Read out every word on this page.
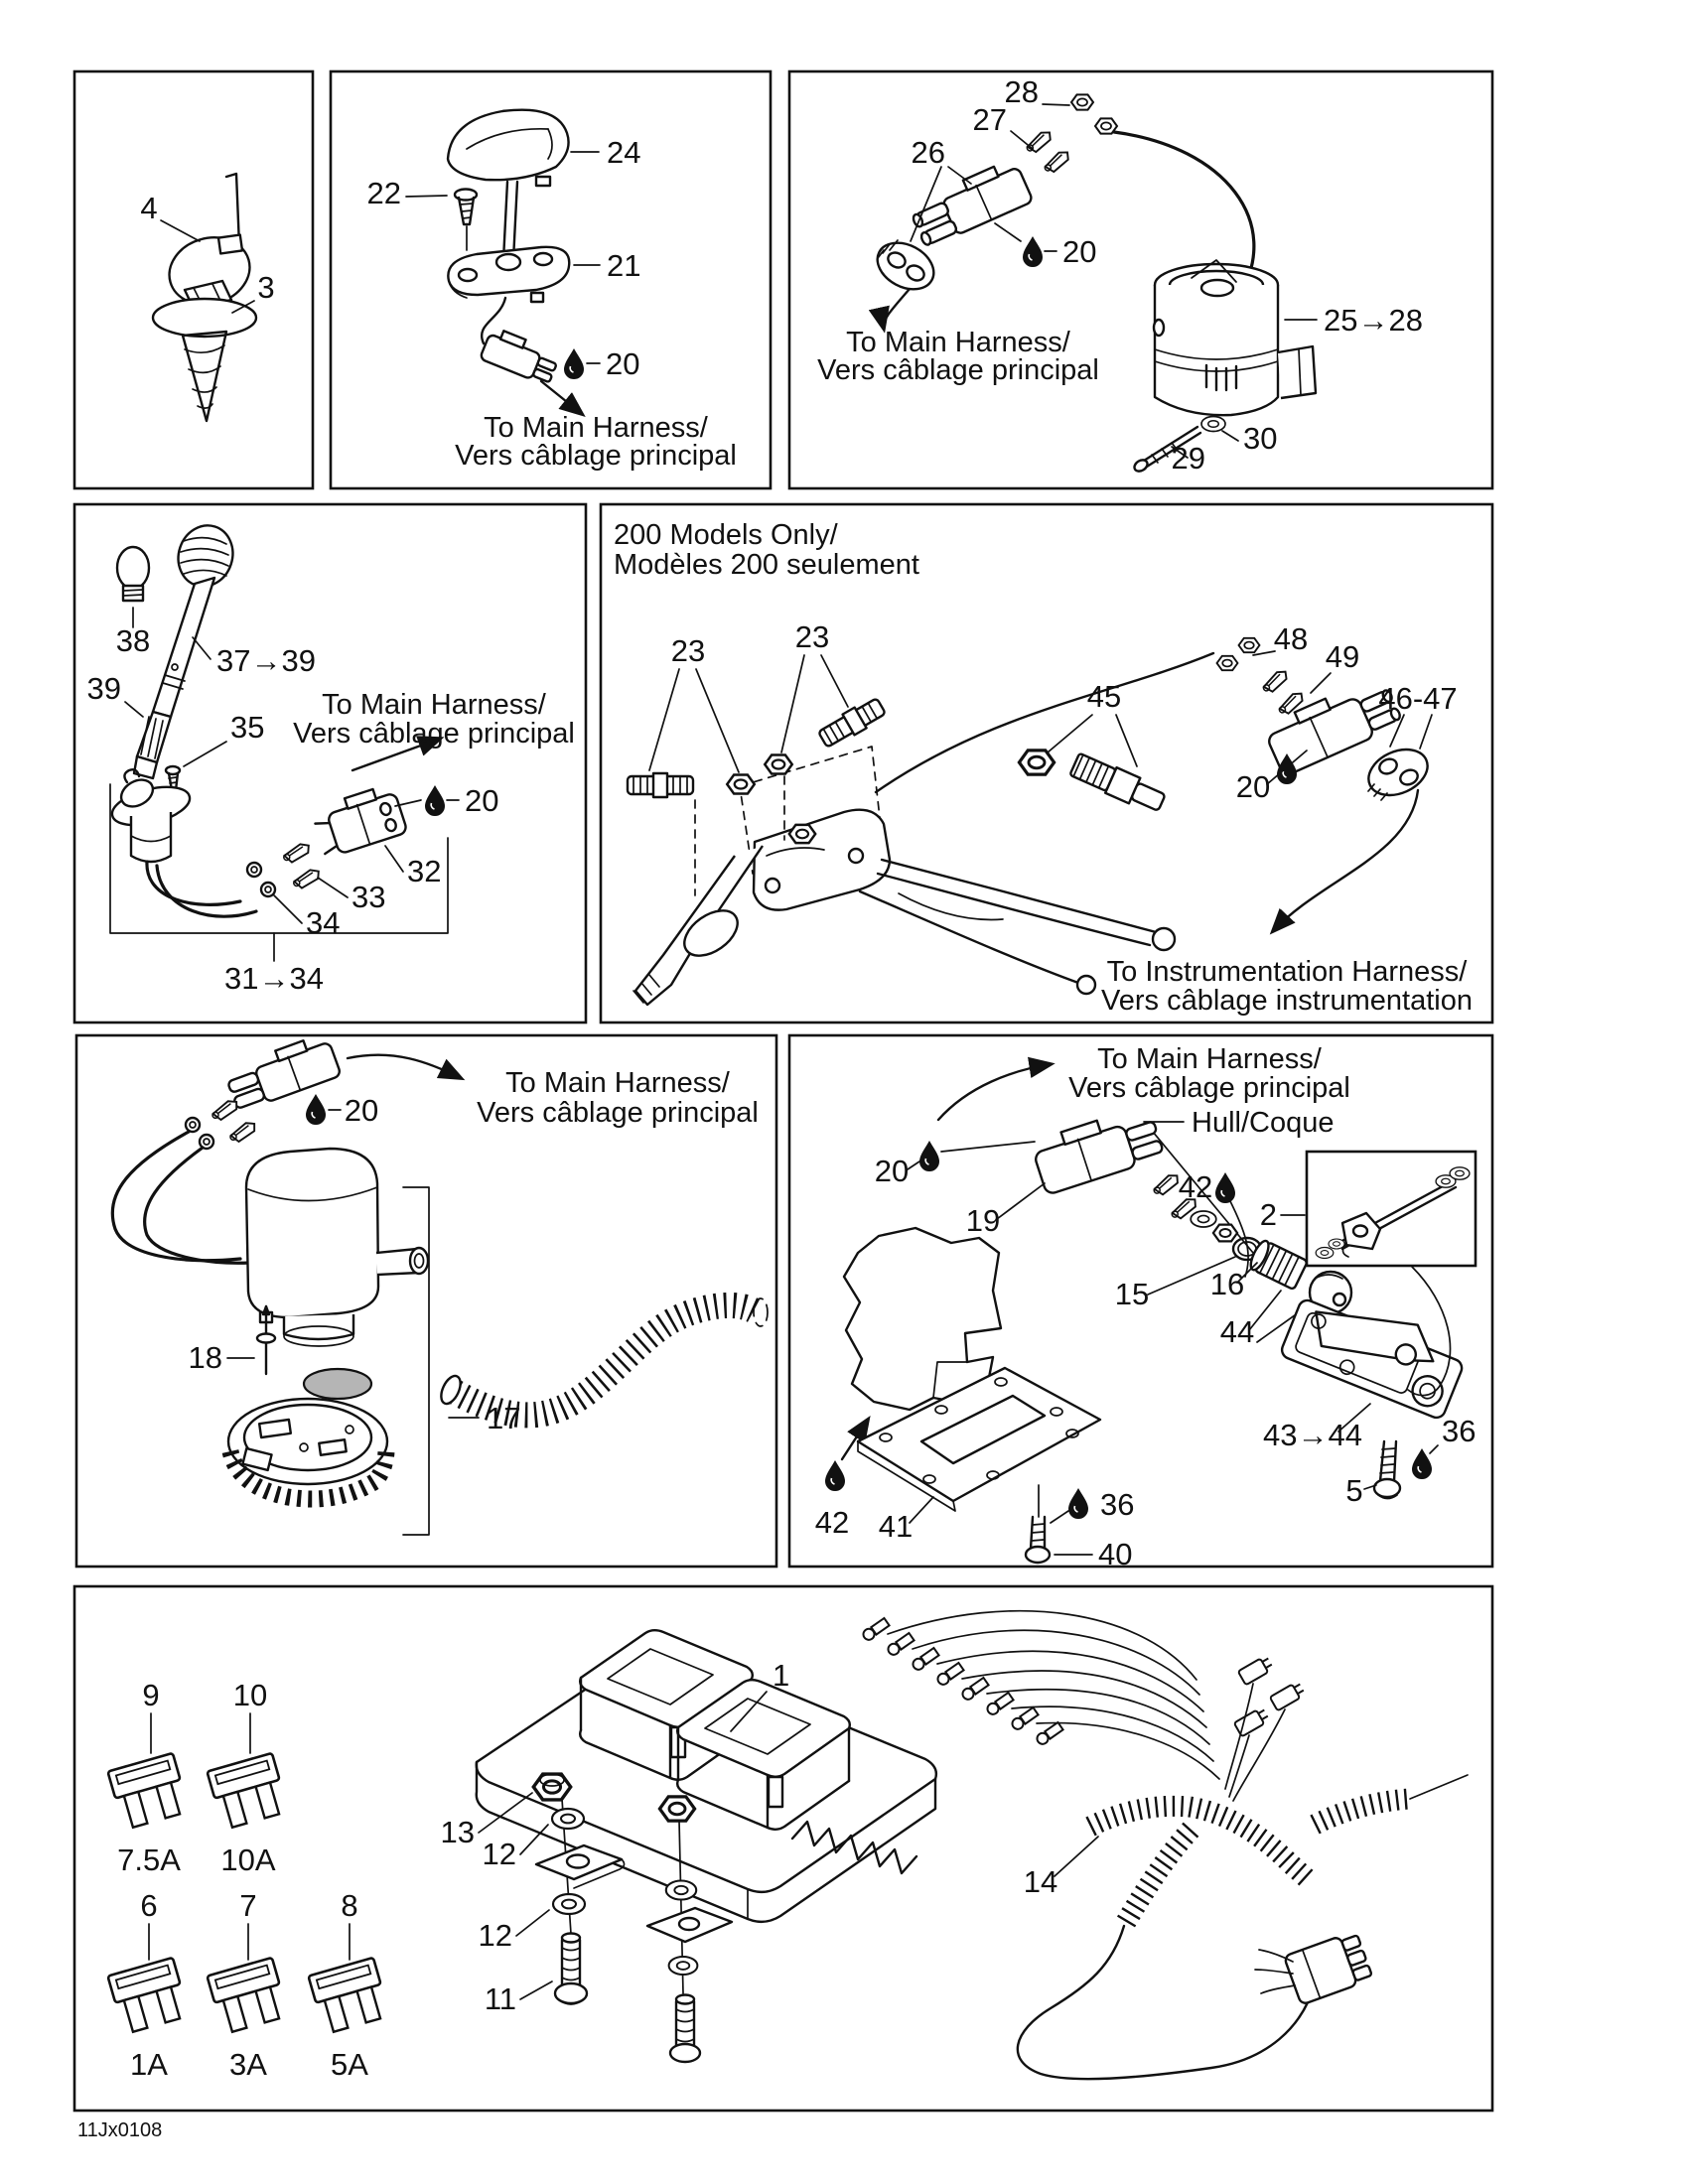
4
3
24
22
21
20
To Main Harness/
Vers câblage principal
28
27
26
20
25→28
30
29
To Main Harness/
Vers câblage principal
38
37→39
39
35
20
32
33
34
31→34
To Main Harness/
Vers câblage principal
200 Models Only/
Modèles 200 seulement
23	23
45
48
49
46-47
20
To Instrumentation Harness/
Vers câblage instrumentation
20
To Main Harness/
Vers câblage principal
18
17
To Main Harness/
Vers câblage principal
Hull/Coque
20
19
16
15
44
42
2
43→44	36
5
42 41
36
40
9
7.5A
10
10A
6
1A
7
3A
8
5A
1
13
12
12
11
14
11Jx0108
